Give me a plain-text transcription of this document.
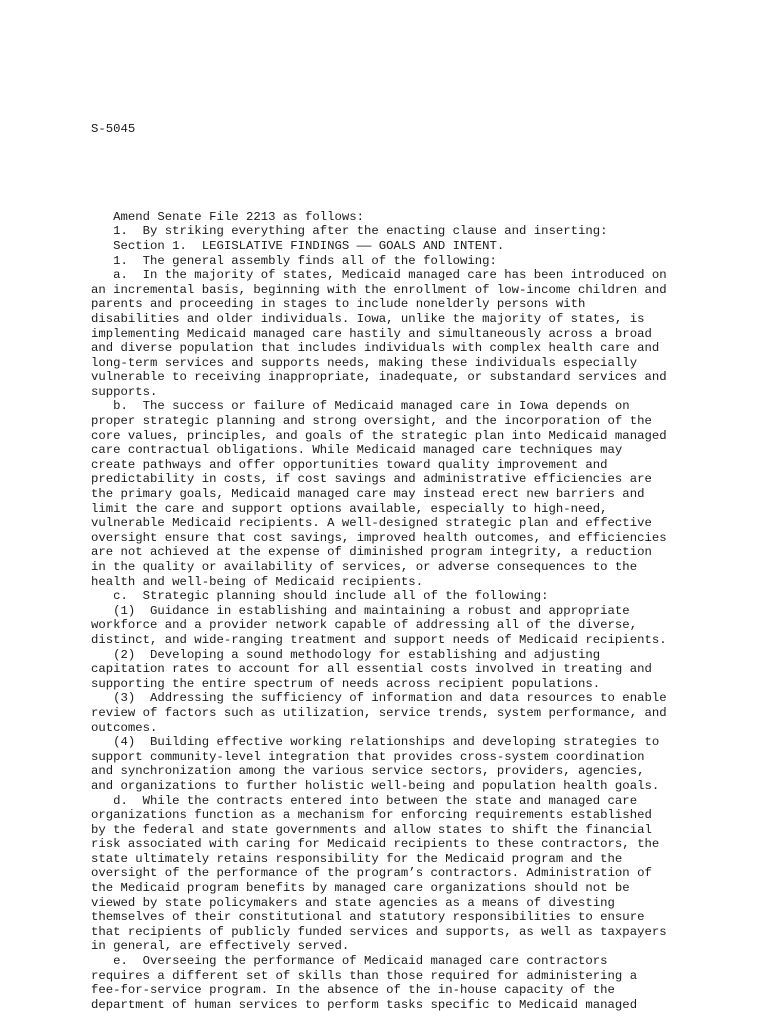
S-5045

Amend Senate File 2213 as follows:
1.  By striking everything after the enacting clause and inserting:
Section 1.  LEGISLATIVE FINDINGS —— GOALS AND INTENT.
1.  The general assembly finds all of the following:
a.  In the majority of states, Medicaid managed care has been introduced on
an incremental basis, beginning with the enrollment of low-income children and
parents and proceeding in stages to include nonelderly persons with
disabilities and older individuals. Iowa, unlike the majority of states, is
implementing Medicaid managed care hastily and simultaneously across a broad
and diverse population that includes individuals with complex health care and
long-term services and supports needs, making these individuals especially
vulnerable to receiving inappropriate, inadequate, or substandard services and
supports.
b.  The success or failure of Medicaid managed care in Iowa depends on
proper strategic planning and strong oversight, and the incorporation of the
core values, principles, and goals of the strategic plan into Medicaid managed
care contractual obligations. While Medicaid managed care techniques may
create pathways and offer opportunities toward quality improvement and
predictability in costs, if cost savings and administrative efficiencies are
the primary goals, Medicaid managed care may instead erect new barriers and
limit the care and support options available, especially to high-need,
vulnerable Medicaid recipients. A well-designed strategic plan and effective
oversight ensure that cost savings, improved health outcomes, and efficiencies
are not achieved at the expense of diminished program integrity, a reduction
in the quality or availability of services, or adverse consequences to the
health and well-being of Medicaid recipients.
c.  Strategic planning should include all of the following:
(1)  Guidance in establishing and maintaining a robust and appropriate
workforce and a provider network capable of addressing all of the diverse,
distinct, and wide-ranging treatment and support needs of Medicaid recipients.
(2)  Developing a sound methodology for establishing and adjusting
capitation rates to account for all essential costs involved in treating and
supporting the entire spectrum of needs across recipient populations.
(3)  Addressing the sufficiency of information and data resources to enable
review of factors such as utilization, service trends, system performance, and
outcomes.
(4)  Building effective working relationships and developing strategies to
support community-level integration that provides cross-system coordination
and synchronization among the various service sectors, providers, agencies,
and organizations to further holistic well-being and population health goals.
d.  While the contracts entered into between the state and managed care
organizations function as a mechanism for enforcing requirements established
by the federal and state governments and allow states to shift the financial
risk associated with caring for Medicaid recipients to these contractors, the
state ultimately retains responsibility for the Medicaid program and the
oversight of the performance of the program’s contractors. Administration of
the Medicaid program benefits by managed care organizations should not be
viewed by state policymakers and state agencies as a means of divesting
themselves of their constitutional and statutory responsibilities to ensure
that recipients of publicly funded services and supports, as well as taxpayers
in general, are effectively served.
e.  Overseeing the performance of Medicaid managed care contractors
requires a different set of skills than those required for administering a
fee-for-service program. In the absence of the in-house capacity of the
department of human services to perform tasks specific to Medicaid managed
